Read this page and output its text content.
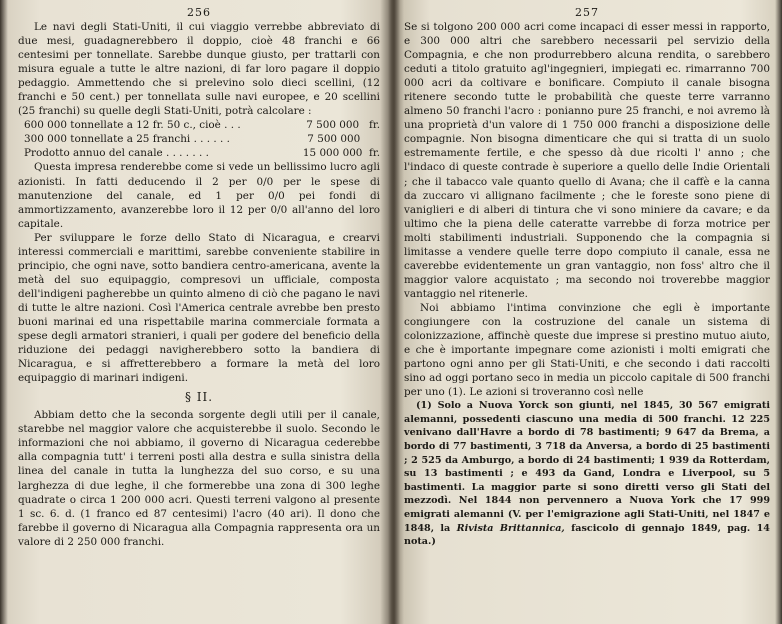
256

Le navi degli Stati-Uniti, il cui viaggio verrebbe abbreviato di due mesi, guadagnerebbero il doppio, cioè 48 franchi e 66 centesimi per tonnellate. Sarebbe dunque giusto, per trattarli con misura eguale a tutte le altre nazioni, di far loro pagare il doppio pedaggio. Ammettendo che si prelevino solo dieci scellini, (12 franchi e 50 cent.) per tonnellata sulle navi europee, e 20 scellini (25 franchi) su quelle degli Stati-Uniti, potrà calcolare :

600 000 tonnellate a 12 fr. 50 c., cioè . . .	7 500 000   fr.
300 000 tonnellate a 25 franchi . . . . . .	7 500 000
Prodotto annuo del canale . . . . . . .	15 000 000  fr.

Questa impresa renderebbe come si vede un bellissimo lucro agli azionisti. In fatti deducendo il 2 per 0/0 per le spese di manutenzione del canale, ed 1 per 0/0 pei fondi di ammortizzamento, avanzerebbe loro il 12 per 0/0 all'anno del loro capitale.

Per sviluppare le forze dello Stato di Nicaragua, e crearvi interessi commerciali e marittimi, sarebbe conveniente stabilire in principio, che ogni nave, sotto bandiera centro-americana, avente la metà del suo equipaggio, compresovi un ufficiale, composta dell'indigeni pagherebbe un quinto almeno di ciò che pagano le navi di tutte le altre nazioni. Così l'America centrale avrebbe ben presto buoni marinai ed una rispettabile marina commerciale formata a spese degli armatori stranieri, i quali per godere del beneficio della riduzione dei pedaggi navigherebbero sotto la bandiera di Nicaragua, e si affretterebbero a formare la metà del loro equipaggio di marinari indigeni.

§ II.

Abbiam detto che la seconda sorgente degli utili per il canale, starebbe nel maggior valore che acquisterebbe il suolo. Secondo le informazioni che noi abbiamo, il governo di Nicaragua cederebbe alla compagnia tutt' i terreni posti alla destra e sulla sinistra della linea del canale in tutta la lunghezza del suo corso, e su una larghezza di due leghe, il che formerebbe una zona di 300 leghe quadrate o circa 1 200 000 acri. Questi terreni valgono al presente 1 sc. 6. d. (1 franco ed 87 centesimi) l'acro (40 ari). Il dono che farebbe il governo di Nicaragua alla Compagnia rappresenta ora un valore di 2 250 000 franchi.

257

Se si tolgono 200 000 acri come incapaci di esser messi in rapporto, e 300 000 altri che sarebbero necessarii pel servizio della Compagnia, e che non produrrebbero alcuna rendita, o sarebbero ceduti a titolo gratuito agl'ingegnieri, impiegati ec. rimarranno 700 000 acri da coltivare e bonificare. Compiuto il canale bisogna ritenere secondo tutte le probabilità che queste terre varranno almeno 50 franchi l'acro : ponianno pure 25 franchi, e noi avremo là una proprietà d'un valore di 1 750 000 franchi a disposizione delle compagnie. Non bisogna dimenticare che qui si tratta di un suolo estremamente fertile, e che spesso dà due ricolti l' anno ; che l'indaco di queste contrade è superiore a quello delle Indie Orientali ; che il tabacco vale quanto quello di Avana; che il caffè e la canna da zuccaro vi allignano facilmente ; che le foreste sono piene di vaniglieri e di alberi di tintura che vi sono miniere da cavare; e da ultimo che la piena delle cateratte varrebbe di forza motrice per molti stabilimenti industriali. Supponendo che la compagnia si limitasse a vendere quelle terre dopo compiuto il canale, essa ne caverebbe evidentemente un gran vantaggio, non foss' altro che il maggior valore acquistato ; ma secondo noi troverebbe maggior vantaggio nel ritenerle.

Noi abbiamo l'intima convinzione che egli è importante congiungere con la costruzione del canale un sistema di colonizzazione, affinchè queste due imprese si prestino mutuo aiuto, e che è importante impegnare come azionisti i molti emigrati che partono ogni anno per gli Stati-Uniti, e che secondo i dati raccolti sino ad oggi portano seco in media un piccolo capitale di 500 franchi per uno (1). Le azioni si troveranno così nelle

(1) Solo a Nuova Yorck son giunti, nel 1845, 30 567 emigrati alemanni, possedenti ciascuno una media di 500 franchi. 12 225 venivano dall'Havre a bordo di 78 bastimenti; 9 647 da Brema, a bordo di 77 bastimenti, 3 718 da Anversa, a bordo di 25 bastimenti ; 2 525 da Amburgo, a bordo di 24 bastimenti; 1 939 da Rotterdam, su 13 bastimenti ; e 493 da Gand, Londra e Liverpool, su 5 bastimenti. La maggior parte si sono diretti verso gli Stati del mezzodì. Nel 1844 non pervennero a Nuova York che 17 999 emigrati alemanni (V. per l'emigrazione agli Stati-Uniti, nel 1847 e 1848, la Rivista Brittannica, fascicolo di gennajo 1849, pag. 14 nota.)
